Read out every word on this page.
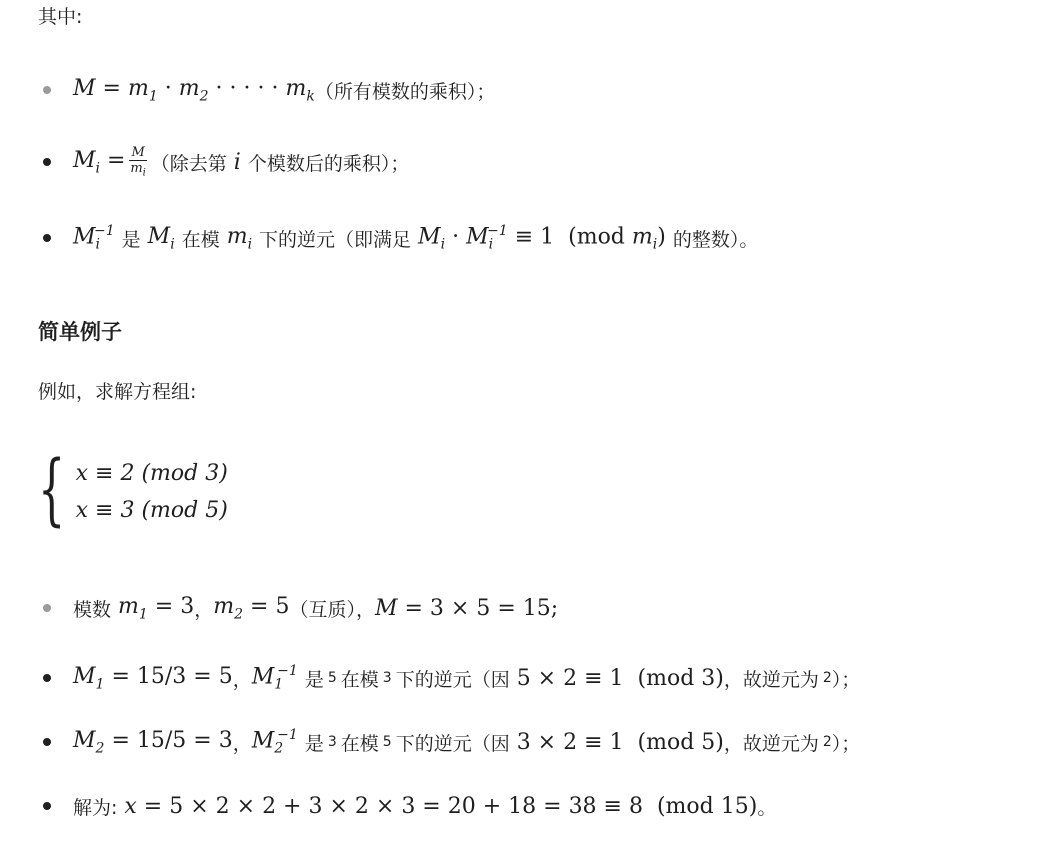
其中:
$M = m_1 \cdot m_2$ · · · · · $m_k$ （所有模数的乘积）；
$M_i = \frac{M}{m_i}$ （除去第 i 个模数后的乘积）；
$M_i^{-1}$ 是 $M_i$ 在模 $m_i$ 下的逆元（即满足 $M_i \cdot M_i^{-1} \equiv 1$  (mod $m_i$) 的整数）。
简单例子
例如，求解方程组:
{ x ≡ 2 (mod 3)
x ≡ 3 (mod 5)
模数 $m_1 = 3$ ， $m_2 = 5$ （互质）， M = 3 × 5 = 15;
$M_1 = 15/3 = 5$ ， $M_1^{-1}$ 是 5 在模 3 下的逆元（因 5 × 2 ≡ 1  (mod 3) ，故逆元为 2 ）；
$M_2 = 15/5 = 3$ ， $M_2^{-1}$ 是 3 在模 5 下的逆元（因 3 × 2 ≡ 1  (mod 5) ，故逆元为 2 ）；
解为: x = 5 × 2 × 2 + 3 × 2 × 3 = 20 + 18 = 38 ≡ 8  (mod 15) 。
